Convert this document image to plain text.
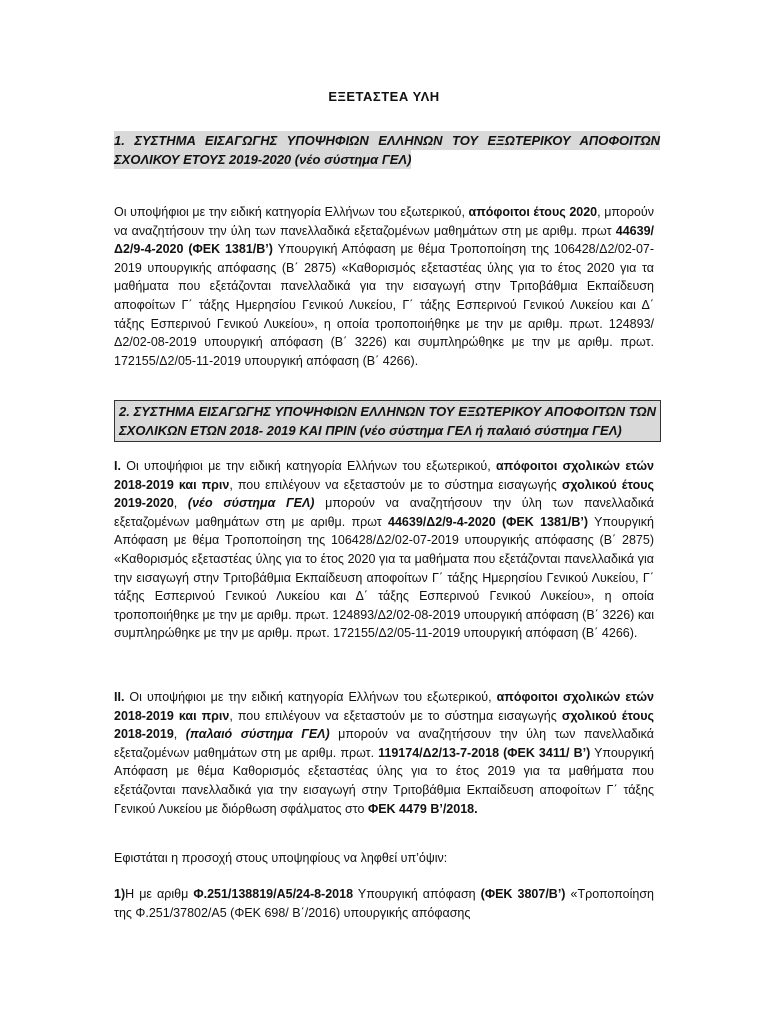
ΕΞΕΤΑΣΤΕΑ ΥΛΗ
1. ΣΥΣΤΗΜΑ ΕΙΣΑΓΩΓΗΣ ΥΠΟΨΗΦΙΩΝ ΕΛΛΗΝΩΝ ΤΟΥ ΕΞΩΤΕΡΙΚΟΥ ΑΠΟΦΟΙΤΩΝ
ΣΧΟΛΙΚΟΥ ΕΤΟΥΣ 2019-2020 (νέο σύστημα ΓΕΛ)

Οι υποψήφιοι με την ειδική κατηγορία Ελλήνων του εξωτερικού, απόφοιτοι έτους 2020, μπορούν να αναζητήσουν την ύλη των πανελλαδικά εξεταζομένων μαθημάτων στη με αριθμ. πρωτ 44639/Δ2/9-4-2020 (ΦΕΚ 1381/Β’) Υπουργική Απόφαση με θέμα Τροποποίηση της 106428/Δ2/02-07-2019 υπουργικής απόφασης (Β΄ 2875) «Καθορισμός εξεταστέας ύλης για το έτος 2020 για τα μαθήματα που εξετάζονται πανελλαδικά για την εισαγωγή στην Τριτοβάθμια Εκπαίδευση αποφοίτων Γ΄ τάξης Ημερησίου Γενικού Λυκείου, Γ΄ τάξης Εσπερινού Γενικού Λυκείου και Δ΄ τάξης Εσπερινού Γενικού Λυκείου», η οποία τροποποιήθηκε με την με αριθμ. πρωτ. 124893/Δ2/02-08-2019 υπουργική απόφαση (Β΄ 3226) και συμπληρώθηκε με την με αριθμ. πρωτ. 172155/Δ2/05-11-2019 υπουργική απόφαση (Β΄ 4266).

2. ΣΥΣΤΗΜΑ ΕΙΣΑΓΩΓΗΣ ΥΠΟΨΗΦΙΩΝ ΕΛΛΗΝΩΝ ΤΟΥ ΕΞΩΤΕΡΙΚΟΥ ΑΠΟΦΟΙΤΩΝ ΤΩΝ
ΣΧΟΛΙΚΩΝ ΕΤΩΝ 2018- 2019 ΚΑΙ ΠΡΙΝ (νέο σύστημα ΓΕΛ ή παλαιό σύστημα ΓΕΛ)

Ι. Οι υποψήφιοι με την ειδική κατηγορία Ελλήνων του εξωτερικού, απόφοιτοι σχολικών ετών 2018-2019 και πριν, που επιλέγουν να εξεταστούν με το σύστημα εισαγωγής σχολικού έτους 2019-2020, (νέο σύστημα ΓΕΛ) μπορούν να αναζητήσουν την ύλη των πανελλαδικά εξεταζομένων μαθημάτων στη με αριθμ. πρωτ 44639/Δ2/9-4-2020 (ΦΕΚ 1381/Β’) Υπουργική Απόφαση με θέμα Τροποποίηση της 106428/Δ2/02-07-2019 υπουργικής απόφασης (Β΄ 2875) «Καθορισμός εξεταστέας ύλης για το έτος 2020 για τα μαθήματα που εξετάζονται πανελλαδικά για την εισαγωγή στην Τριτοβάθμια Εκπαίδευση αποφοίτων Γ΄ τάξης Ημερησίου Γενικού Λυκείου, Γ΄ τάξης Εσπερινού Γενικού Λυκείου και Δ΄ τάξης Εσπερινού Γενικού Λυκείου», η οποία τροποποιήθηκε με την με αριθμ. πρωτ. 124893/Δ2/02-08-2019 υπουργική απόφαση (Β΄ 3226) και συμπληρώθηκε με την με αριθμ. πρωτ. 172155/Δ2/05-11-2019 υπουργική απόφαση (Β΄ 4266).

ΙΙ. Οι υποψήφιοι με την ειδική κατηγορία Ελλήνων του εξωτερικού, απόφοιτοι σχολικών ετών 2018-2019 και πριν, που επιλέγουν να εξεταστούν με το σύστημα εισαγωγής σχολικού έτους 2018-2019, (παλαιό σύστημα ΓΕΛ) μπορούν να αναζητήσουν την ύλη των πανελλαδικά εξεταζομένων μαθημάτων στη με αριθμ. πρωτ. 119174/Δ2/13-7-2018 (ΦΕΚ 3411/ Β’) Υπουργική Απόφαση με θέμα Καθορισμός εξεταστέας ύλης για το έτος 2019 για τα μαθήματα που εξετάζονται πανελλαδικά για την εισαγωγή στην Τριτοβάθμια Εκπαίδευση αποφοίτων Γ΄ τάξης Γενικού Λυκείου με διόρθωση σφάλματος στο ΦΕΚ 4479 Β’/2018.

Εφιστάται η προσοχή στους υποψηφίους να ληφθεί υπ’όψιν:

1)Η με αριθμ Φ.251/138819/Α5/24-8-2018 Υπουργική απόφαση (ΦΕΚ 3807/Β’) «Τροποποίηση της Φ.251/37802/Α5 (ΦΕΚ 698/ Β΄/2016) υπουργικής απόφασης
